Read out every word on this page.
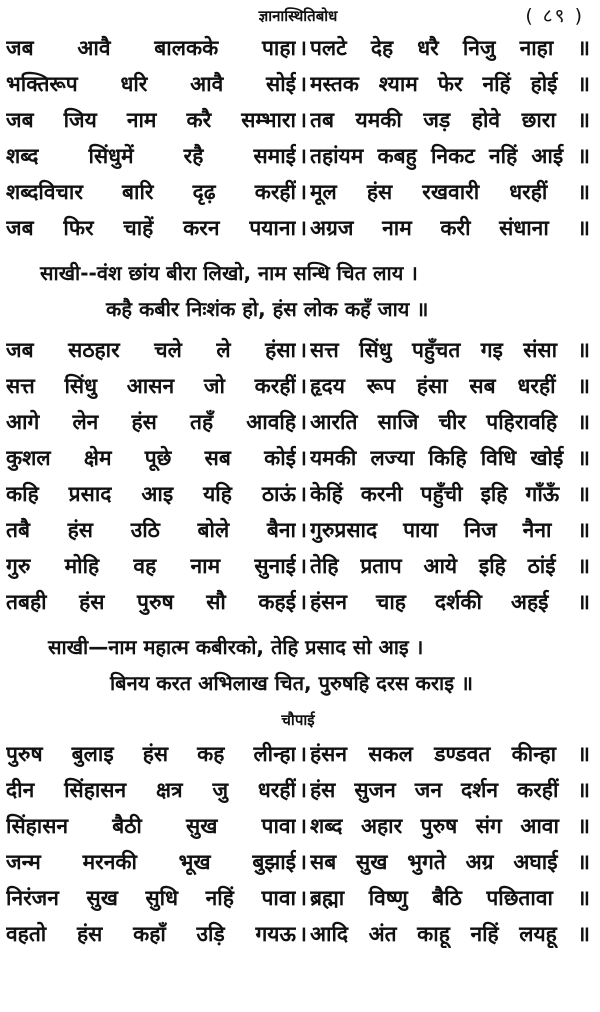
ज्ञानास्थितिबोध	( ८९ )
जब आवै बालकके पाहा । पलटे देह धरै निजु नाहा ॥
भक्तिरूप धरि आवै सोई । मस्तक श्याम फेर नहिं होई ॥
जब जिय नाम करै सम्भारा । तब यमकी जड़ होवे छारा ॥
शब्द सिंधुमें रहै समाई । तहांयम कबहु निकट नहिं आई ॥
शब्दविचार बारि दृढ़ करहीं । मूल हंस रखवारी धरहीं ॥
जब फिर चाहें करन पयाना । अग्रज नाम करी संधाना ॥
साखी--वंश छांय बीरा लिखो, नाम सन्धि चित लाय ।
कहै कबीर निःशंक हो, हंस लोक कहँ जाय ॥
जब सठहार चले ले हंसा । सत्त सिंधु पहुँचत गइ संसा ॥
सत्त सिंधु आसन जो करहीं । हृदय रूप हंसा सब धरहीं ॥
आगे लेन हंस तहँ आवहि । आरति साजि चीर पहिरावहि ॥
कुशल क्षेम पूछे सब कोई । यमकी लज्या किहि विधि खोई ॥
कहि प्रसाद आइ यहि ठाऊं । केहिं करनी पहुँची इहि गाँऊँ ॥
तबै हंस उठि बोले बैना । गुरुप्रसाद पाया निज नैना ॥
गुरु मोहि वह नाम सुनाई । तेहि प्रताप आये इहि ठांई ॥
तबही हंस पुरुष सौ कहई । हंसन चाह दर्शकी अहई ॥
साखी—नाम महात्म कबीरको, तेहि प्रसाद सो आइ ।
बिनय करत अभिलाख चित, पुरुषहि दरस कराइ ॥
चौपाई
पुरुष बुलाइ हंस कह लीन्हा । हंसन सकल डण्डवत कीन्हा ॥
दीन सिंहासन क्षत्र जु धरहीं । हंस सुजन जन दर्शन करहीं ॥
सिंहासन बैठी सुख पावा । शब्द अहार पुरुष संग आवा ॥
जन्म मरनकी भूख बुझाई । सब सुख भुगते अग्र अघाई ॥
निरंजन सुख सुधि नहिं पावा । ब्रह्मा विष्णु बैठि पछितावा ॥
वहतो हंस कहाँ उड़ि गयऊ । आदि अंत काहू नहिं लयहू ॥
